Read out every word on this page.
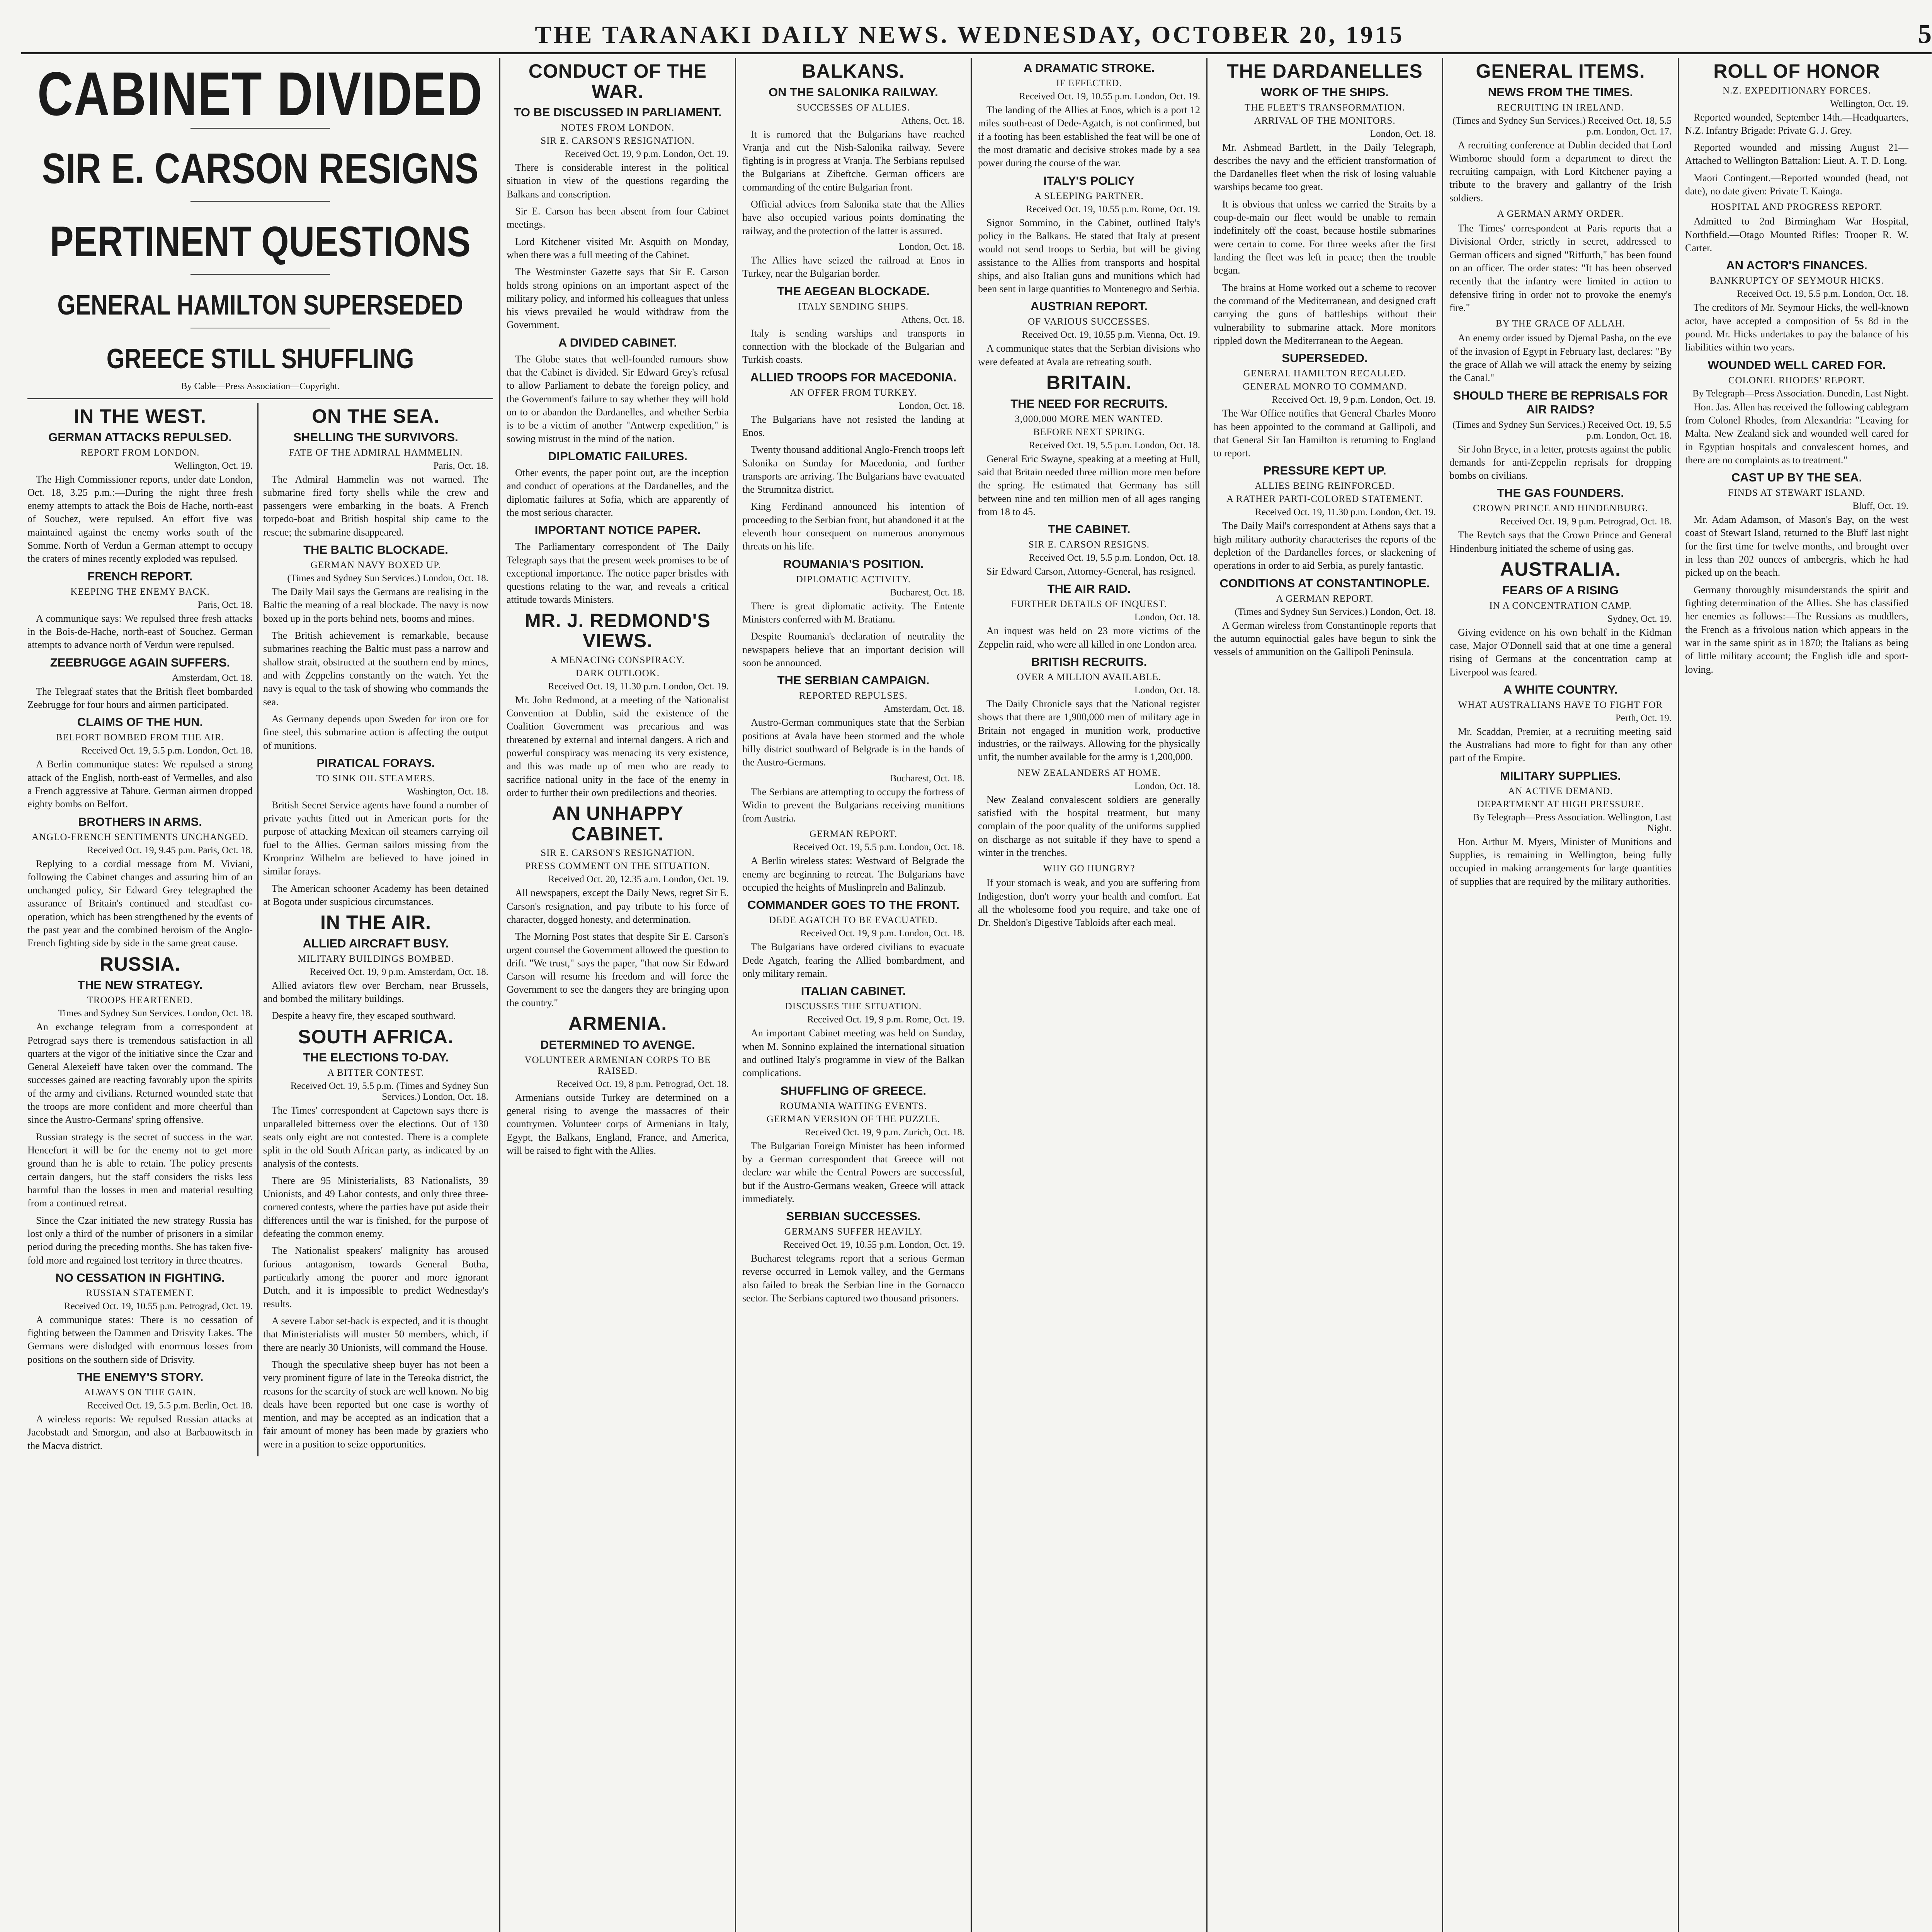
THE TARANAKI DAILY NEWS. WEDNESDAY, OCTOBER 20, 1915	5
CABINET DIVIDED
SIR E. CARSON RESIGNS
PERTINENT QUESTIONS
GENERAL HAMILTON SUPERSEDED
GREECE STILL SHUFFLING
By Cable—Press Association—Copyright.
IN THE WEST.
GERMAN ATTACKS REPULSED.
REPORT FROM LONDON.
Wellington, Oct. 19.

The High Commissioner reports, under date London, Oct. 18, 3.25 p.m.:—During the night three fresh enemy attempts to attack the Bois de Hache, north-east of Souchez, were repulsed. An effort five was maintained against the enemy works south of the Somme. North of Verdun a German attempt to occupy the craters of mines recently exploded was repulsed.

FRENCH REPORT.
KEEPING THE ENEMY BACK.
Paris, Oct. 18.

A communique says: We repulsed three fresh attacks in the Bois-de-Hache, north-east of Souchez. German attempts to advance north of Verdun were repulsed.

ZEEBRUGGE AGAIN SUFFERS.
Amsterdam, Oct. 18.

The Telegraaf states that the British fleet bombarded Zeebrugge for four hours and airmen participated.

CLAIMS OF THE HUN.
BELFORT BOMBED FROM THE AIR.
Received Oct. 19, 5.5 p.m. London, Oct. 18.

A Berlin communique states: We repulsed a strong attack of the English, north-east of Vermelles, and also a French aggressive at Tahure. German airmen dropped eighty bombs on Belfort.

BROTHERS IN ARMS.
ANGLO-FRENCH SENTIMENTS UNCHANGED.
Received Oct. 19, 9.45 p.m. Paris, Oct. 18.

Replying to a cordial message from M. Viviani, following the Cabinet changes and assuring him of an unchanged policy, Sir Edward Grey telegraphed the assurance of Britain's continued and steadfast co-operation, which has been strengthened by the events of the past year and the combined heroism of the Anglo-French fighting side by side in the same great cause.

RUSSIA.
THE NEW STRATEGY.
TROOPS HEARTENED.
Times and Sydney Sun Services. London, Oct. 18.

An exchange telegram from a correspondent at Petrograd says there is tremendous satisfaction in all quarters at the vigor of the initiative since the Czar and General Alexeieff have taken over the command. The successes gained are reacting favorably upon the spirits of the army and civilians. Returned wounded state that the troops are more confident and more cheerful than since the Austro-Germans' spring offensive.

Russian strategy is the secret of success in the war. Hencefort it will be for the enemy not to get more ground than he is able to retain. The policy presents certain dangers, but the staff considers the risks less harmful than the losses in men and material resulting from a continued retreat.

Since the Czar initiated the new strategy Russia has lost only a third of the number of prisoners in a similar period during the preceding months. She has taken five-fold more and regained lost territory in three theatres.

NO CESSATION IN FIGHTING.
RUSSIAN STATEMENT.
Received Oct. 19, 10.55 p.m. Petrograd, Oct. 19.

A communique states: There is no cessation of fighting between the Dammen and Drisvity Lakes. The Germans were dislodged with enormous losses from positions on the southern side of Drisvity.

THE ENEMY'S STORY.
ALWAYS ON THE GAIN.
Received Oct. 19, 5.5 p.m. Berlin, Oct. 18.

A wireless reports: We repulsed Russian attacks at Jacobstadt and Smorgan, and also at Barbaowitsch in the Macva district.

ON THE SEA.
SHELLING THE SURVIVORS.
FATE OF THE ADMIRAL HAMMELIN.
Paris, Oct. 18.

The Admiral Hammelin was not warned. The submarine fired forty shells while the crew and passengers were embarking in the boats. A French torpedo-boat and British hospital ship came to the rescue; the submarine disappeared.

THE BALTIC BLOCKADE.
GERMAN NAVY BOXED UP.
(Times and Sydney Sun Services.) London, Oct. 18.

The Daily Mail says the Germans are realising in the Baltic the meaning of a real blockade. The navy is now boxed up in the ports behind nets, booms and mines.

The British achievement is remarkable, because submarines reaching the Baltic must pass a narrow and shallow strait, obstructed at the southern end by mines, and with Zeppelins constantly on the watch. Yet the navy is equal to the task of showing who commands the sea.

As Germany depends upon Sweden for iron ore for fine steel, this submarine action is affecting the output of munitions.

PIRATICAL FORAYS.
TO SINK OIL STEAMERS.
Washington, Oct. 18.

British Secret Service agents have found a number of private yachts fitted out in American ports for the purpose of attacking Mexican oil steamers carrying oil fuel to the Allies. German sailors missing from the Kronprinz Wilhelm are believed to have joined in similar forays.

The American schooner Academy has been detained at Bogota under suspicious circumstances.

IN THE AIR.
ALLIED AIRCRAFT BUSY.
MILITARY BUILDINGS BOMBED.
Received Oct. 19, 9 p.m. Amsterdam, Oct. 18.

Allied aviators flew over Bercham, near Brussels, and bombed the military buildings.

Despite a heavy fire, they escaped southward.

SOUTH AFRICA.
THE ELECTIONS TO-DAY.
A BITTER CONTEST.
Received Oct. 19, 5.5 p.m. (Times and Sydney Sun Services.) London, Oct. 18.

The Times' correspondent at Capetown says there is unparalleled bitterness over the elections. Out of 130 seats only eight are not contested. There is a complete split in the old South African party, as indicated by an analysis of the contests.

There are 95 Ministerialists, 83 Nationalists, 39 Unionists, and 49 Labor contests, and only three three-cornered contests, where the parties have put aside their differences until the war is finished, for the purpose of defeating the common enemy.

The Nationalist speakers' malignity has aroused furious antagonism, towards General Botha, particularly among the poorer and more ignorant Dutch, and it is impossible to predict Wednesday's results.

A severe Labor set-back is expected, and it is thought that Ministerialists will muster 50 members, which, if there are nearly 30 Unionists, will command the House.

Though the speculative sheep buyer has not been a very prominent figure of late in the Tereoka district, the reasons for the scarcity of stock are well known. No big deals have been reported but one case is worthy of mention, and may be accepted as an indication that a fair amount of money has been made by graziers who were in a position to seize opportunities.

CONDUCT OF THE WAR.
TO BE DISCUSSED IN PARLIAMENT.
NOTES FROM LONDON.
SIR E. CARSON'S RESIGNATION.
Received Oct. 19, 9 p.m. London, Oct. 19.

There is considerable interest in the political situation in view of the questions regarding the Balkans and conscription.

Sir E. Carson has been absent from four Cabinet meetings.

Lord Kitchener visited Mr. Asquith on Monday, when there was a full meeting of the Cabinet.

The Westminster Gazette says that Sir E. Carson holds strong opinions on an important aspect of the military policy, and informed his colleagues that unless his views prevailed he would withdraw from the Government.

A DIVIDED CABINET.

The Globe states that well-founded rumours show that the Cabinet is divided. Sir Edward Grey's refusal to allow Parliament to debate the foreign policy, and the Government's failure to say whether they will hold on to or abandon the Dardanelles, and whether Serbia is to be a victim of another "Antwerp expedition," is sowing mistrust in the mind of the nation.

DIPLOMATIC FAILURES.

Other events, the paper point out, are the inception and conduct of operations at the Dardanelles, and the diplomatic failures at Sofia, which are apparently of the most serious character.

IMPORTANT NOTICE PAPER.

The Parliamentary correspondent of The Daily Telegraph says that the present week promises to be of exceptional importance. The notice paper bristles with questions relating to the war, and reveals a critical attitude towards Ministers.

MR. J. REDMOND'S VIEWS.
A MENACING CONSPIRACY.
DARK OUTLOOK.
Received Oct. 19, 11.30 p.m. London, Oct. 19.

Mr. John Redmond, at a meeting of the Nationalist Convention at Dublin, said the existence of the Coalition Government was precarious and was threatened by external and internal dangers. A rich and powerful conspiracy was menacing its very existence, and this was made up of men who are ready to sacrifice national unity in the face of the enemy in order to further their own predilections and theories.

AN UNHAPPY CABINET.
SIR E. CARSON'S RESIGNATION.
PRESS COMMENT ON THE SITUATION.
Received Oct. 20, 12.35 a.m. London, Oct. 19.

All newspapers, except the Daily News, regret Sir E. Carson's resignation, and pay tribute to his force of character, dogged honesty, and determination.

The Morning Post states that despite Sir E. Carson's urgent counsel the Government allowed the question to drift. "We trust," says the paper, "that now Sir Edward Carson will resume his freedom and will force the Government to see the dangers they are bringing upon the country."

ARMENIA.
DETERMINED TO AVENGE.
VOLUNTEER ARMENIAN CORPS TO BE RAISED.
Received Oct. 19, 8 p.m. Petrograd, Oct. 18.

Armenians outside Turkey are determined on a general rising to avenge the massacres of their countrymen. Volunteer corps of Armenians in Italy, Egypt, the Balkans, England, France, and America, will be raised to fight with the Allies.

BALKANS.
ON THE SALONIKA RAILWAY.
SUCCESSES OF ALLIES.
Athens, Oct. 18.

It is rumored that the Bulgarians have reached Vranja and cut the Nish-Salonika railway. Severe fighting is in progress at Vranja. The Serbians repulsed the Bulgarians at Zibeftche. German officers are commanding of the entire Bulgarian front.

Official advices from Salonika state that the Allies have also occupied various points dominating the railway, and the protection of the latter is assured.

London, Oct. 18.

The Allies have seized the railroad at Enos in Turkey, near the Bulgarian border.

THE AEGEAN BLOCKADE.
ITALY SENDING SHIPS.
Athens, Oct. 18.

Italy is sending warships and transports in connection with the blockade of the Bulgarian and Turkish coasts.

ALLIED TROOPS FOR MACEDONIA.
AN OFFER FROM TURKEY.
London, Oct. 18.

The Bulgarians have not resisted the landing at Enos.

Twenty thousand additional Anglo-French troops left Salonika on Sunday for Macedonia, and further transports are arriving. The Bulgarians have evacuated the Strumnitza district.

King Ferdinand announced his intention of proceeding to the Serbian front, but abandoned it at the eleventh hour consequent on numerous anonymous threats on his life.

ROUMANIA'S POSITION.
DIPLOMATIC ACTIVITY.
Bucharest, Oct. 18.

There is great diplomatic activity. The Entente Ministers conferred with M. Bratianu.

Despite Roumania's declaration of neutrality the newspapers believe that an important decision will soon be announced.

THE SERBIAN CAMPAIGN.
REPORTED REPULSES.
Amsterdam, Oct. 18.

Austro-German communiques state that the Serbian positions at Avala have been stormed and the whole hilly district southward of Belgrade is in the hands of the Austro-Germans.

Bucharest, Oct. 18.

The Serbians are attempting to occupy the fortress of Widin to prevent the Bulgarians receiving munitions from Austria.

GERMAN REPORT.
Received Oct. 19, 5.5 p.m. London, Oct. 18.

A Berlin wireless states: Westward of Belgrade the enemy are beginning to retreat. The Bulgarians have occupied the heights of Muslinpreln and Balinzub.

COMMANDER GOES TO THE FRONT.
DEDE AGATCH TO BE EVACUATED.
Received Oct. 19, 9 p.m. London, Oct. 18.

The Bulgarians have ordered civilians to evacuate Dede Agatch, fearing the Allied bombardment, and only military remain.

ITALIAN CABINET.
DISCUSSES THE SITUATION.
Received Oct. 19, 9 p.m. Rome, Oct. 19.

An important Cabinet meeting was held on Sunday, when M. Sonnino explained the international situation and outlined Italy's programme in view of the Balkan complications.

SHUFFLING OF GREECE.
ROUMANIA WAITING EVENTS.
GERMAN VERSION OF THE PUZZLE.
Received Oct. 19, 9 p.m. Zurich, Oct. 18.

The Bulgarian Foreign Minister has been informed by a German correspondent that Greece will not declare war while the Central Powers are successful, but if the Austro-Germans weaken, Greece will attack immediately.

SERBIAN SUCCESSES.
GERMANS SUFFER HEAVILY.
Received Oct. 19, 10.55 p.m. London, Oct. 19.

Bucharest telegrams report that a serious German reverse occurred in Lemok valley, and the Germans also failed to break the Serbian line in the Gornacco sector. The Serbians captured two thousand prisoners.

A DRAMATIC STROKE.
IF EFFECTED.
Received Oct. 19, 10.55 p.m. London, Oct. 19.

The landing of the Allies at Enos, which is a port 12 miles south-east of Dede-Agatch, is not confirmed, but if a footing has been established the feat will be one of the most dramatic and decisive strokes made by a sea power during the course of the war.

ITALY'S POLICY
A SLEEPING PARTNER.
Received Oct. 19, 10.55 p.m. Rome, Oct. 19.

Signor Sommino, in the Cabinet, outlined Italy's policy in the Balkans. He stated that Italy at present would not send troops to Serbia, but will be giving assistance to the Allies from transports and hospital ships, and also Italian guns and munitions which had been sent in large quantities to Montenegro and Serbia.

AUSTRIAN REPORT.
OF VARIOUS SUCCESSES.
Received Oct. 19, 10.55 p.m. Vienna, Oct. 19.

A communique states that the Serbian divisions who were defeated at Avala are retreating south.

BRITAIN.
THE NEED FOR RECRUITS.
3,000,000 MORE MEN WANTED.
BEFORE NEXT SPRING.
Received Oct. 19, 5.5 p.m. London, Oct. 18.

General Eric Swayne, speaking at a meeting at Hull, said that Britain needed three million more men before the spring. He estimated that Germany has still between nine and ten million men of all ages ranging from 18 to 45.

THE CABINET.
SIR E. CARSON RESIGNS.
Received Oct. 19, 5.5 p.m. London, Oct. 18.

Sir Edward Carson, Attorney-General, has resigned.

THE AIR RAID.
FURTHER DETAILS OF INQUEST.
London, Oct. 18.

An inquest was held on 23 more victims of the Zeppelin raid, who were all killed in one London area.

BRITISH RECRUITS.
OVER A MILLION AVAILABLE.
London, Oct. 18.

The Daily Chronicle says that the National register shows that there are 1,900,000 men of military age in Britain not engaged in munition work, productive industries, or the railways. Allowing for the physically unfit, the number available for the army is 1,200,000.

NEW ZEALANDERS AT HOME.
London, Oct. 18.

New Zealand convalescent soldiers are generally satisfied with the hospital treatment, but many complain of the poor quality of the uniforms supplied on discharge as not suitable if they have to spend a winter in the trenches.

WHY GO HUNGRY?

If your stomach is weak, and you are suffering from Indigestion, don't worry your health and comfort. Eat all the wholesome food you require, and take one of Dr. Sheldon's Digestive Tabloids after each meal.

THE DARDANELLES
WORK OF THE SHIPS.
THE FLEET'S TRANSFORMATION.
ARRIVAL OF THE MONITORS.
London, Oct. 18.

Mr. Ashmead Bartlett, in the Daily Telegraph, describes the navy and the efficient transformation of the Dardanelles fleet when the risk of losing valuable warships became too great.

It is obvious that unless we carried the Straits by a coup-de-main our fleet would be unable to remain indefinitely off the coast, because hostile submarines were certain to come. For three weeks after the first landing the fleet was left in peace; then the trouble began.

The brains at Home worked out a scheme to recover the command of the Mediterranean, and designed craft carrying the guns of battleships without their vulnerability to submarine attack. More monitors rippled down the Mediterranean to the Aegean.

SUPERSEDED.
GENERAL HAMILTON RECALLED.
GENERAL MONRO TO COMMAND.
Received Oct. 19, 9 p.m. London, Oct. 19.

The War Office notifies that General Charles Monro has been appointed to the command at Gallipoli, and that General Sir Ian Hamilton is returning to England to report.

PRESSURE KEPT UP.
ALLIES BEING REINFORCED.
A RATHER PARTI-COLORED STATEMENT.
Received Oct. 19, 11.30 p.m. London, Oct. 19.

The Daily Mail's correspondent at Athens says that a high military authority characterises the reports of the depletion of the Dardanelles forces, or slackening of operations in order to aid Serbia, as purely fantastic.

CONDITIONS AT CONSTANTINOPLE.
A GERMAN REPORT.
(Times and Sydney Sun Services.) London, Oct. 18.

A German wireless from Constantinople reports that the autumn equinoctial gales have begun to sink the vessels of ammunition on the Gallipoli Peninsula.

GENERAL ITEMS.
NEWS FROM THE TIMES.
RECRUITING IN IRELAND.
(Times and Sydney Sun Services.) Received Oct. 18, 5.5 p.m. London, Oct. 17.

A recruiting conference at Dublin decided that Lord Wimborne should form a department to direct the recruiting campaign, with Lord Kitchener paying a tribute to the bravery and gallantry of the Irish soldiers.

A GERMAN ARMY ORDER.

The Times' correspondent at Paris reports that a Divisional Order, strictly in secret, addressed to German officers and signed "Ritfurth," has been found on an officer. The order states: "It has been observed recently that the infantry were limited in action to defensive firing in order not to provoke the enemy's fire."

BY THE GRACE OF ALLAH.

An enemy order issued by Djemal Pasha, on the eve of the invasion of Egypt in February last, declares: "By the grace of Allah we will attack the enemy by seizing the Canal."

SHOULD THERE BE REPRISALS FOR AIR RAIDS?
(Times and Sydney Sun Services.) Received Oct. 19, 5.5 p.m. London, Oct. 18.

Sir John Bryce, in a letter, protests against the public demands for anti-Zeppelin reprisals for dropping bombs on civilians.

THE GAS FOUNDERS.
CROWN PRINCE AND HINDENBURG.
Received Oct. 19, 9 p.m. Petrograd, Oct. 18.

The Revtch says that the Crown Prince and General Hindenburg initiated the scheme of using gas.

AUSTRALIA.
FEARS OF A RISING
IN A CONCENTRATION CAMP.
Sydney, Oct. 19.

Giving evidence on his own behalf in the Kidman case, Major O'Donnell said that at one time a general rising of Germans at the concentration camp at Liverpool was feared.

A WHITE COUNTRY.
WHAT AUSTRALIANS HAVE TO FIGHT FOR
Perth, Oct. 19.

Mr. Scaddan, Premier, at a recruiting meeting said the Australians had more to fight for than any other part of the Empire.

MILITARY SUPPLIES.
AN ACTIVE DEMAND.
DEPARTMENT AT HIGH PRESSURE.
By Telegraph—Press Association. Wellington, Last Night.

Hon. Arthur M. Myers, Minister of Munitions and Supplies, is remaining in Wellington, being fully occupied in making arrangements for large quantities of supplies that are required by the military authorities.

ROLL OF HONOR
N.Z. EXPEDITIONARY FORCES.
Wellington, Oct. 19.

Reported wounded, September 14th.—Headquarters, N.Z. Infantry Brigade: Private G. J. Grey.

Reported wounded and missing August 21—Attached to Wellington Battalion: Lieut. A. T. D. Long.

Maori Contingent.—Reported wounded (head, not date), no date given: Private T. Kainga.

HOSPITAL AND PROGRESS REPORT.

Admitted to 2nd Birmingham War Hospital, Northfield.—Otago Mounted Rifles: Trooper R. W. Carter.

AN ACTOR'S FINANCES.
BANKRUPTCY OF SEYMOUR HICKS.
Received Oct. 19, 5.5 p.m. London, Oct. 18.

The creditors of Mr. Seymour Hicks, the well-known actor, have accepted a composition of 5s 8d in the pound. Mr. Hicks undertakes to pay the balance of his liabilities within two years.

WOUNDED WELL CARED FOR.
COLONEL RHODES' REPORT.
By Telegraph—Press Association. Dunedin, Last Night.

Hon. Jas. Allen has received the following cablegram from Colonel Rhodes, from Alexandria: "Leaving for Malta. New Zealand sick and wounded well cared for in Egyptian hospitals and convalescent homes, and there are no complaints as to treatment."

CAST UP BY THE SEA.
FINDS AT STEWART ISLAND.
Bluff, Oct. 19.

Mr. Adam Adamson, of Mason's Bay, on the west coast of Stewart Island, returned to the Bluff last night for the first time for twelve months, and brought over in less than 202 ounces of ambergris, which he had picked up on the beach.

Germany thoroughly misunderstands the spirit and fighting determination of the Allies. She has classified her enemies as follows:—The Russians as muddlers, the French as a frivolous nation which appears in the war in the same spirit as in 1870; the Italians as being of little military account; the English idle and sport-loving.
